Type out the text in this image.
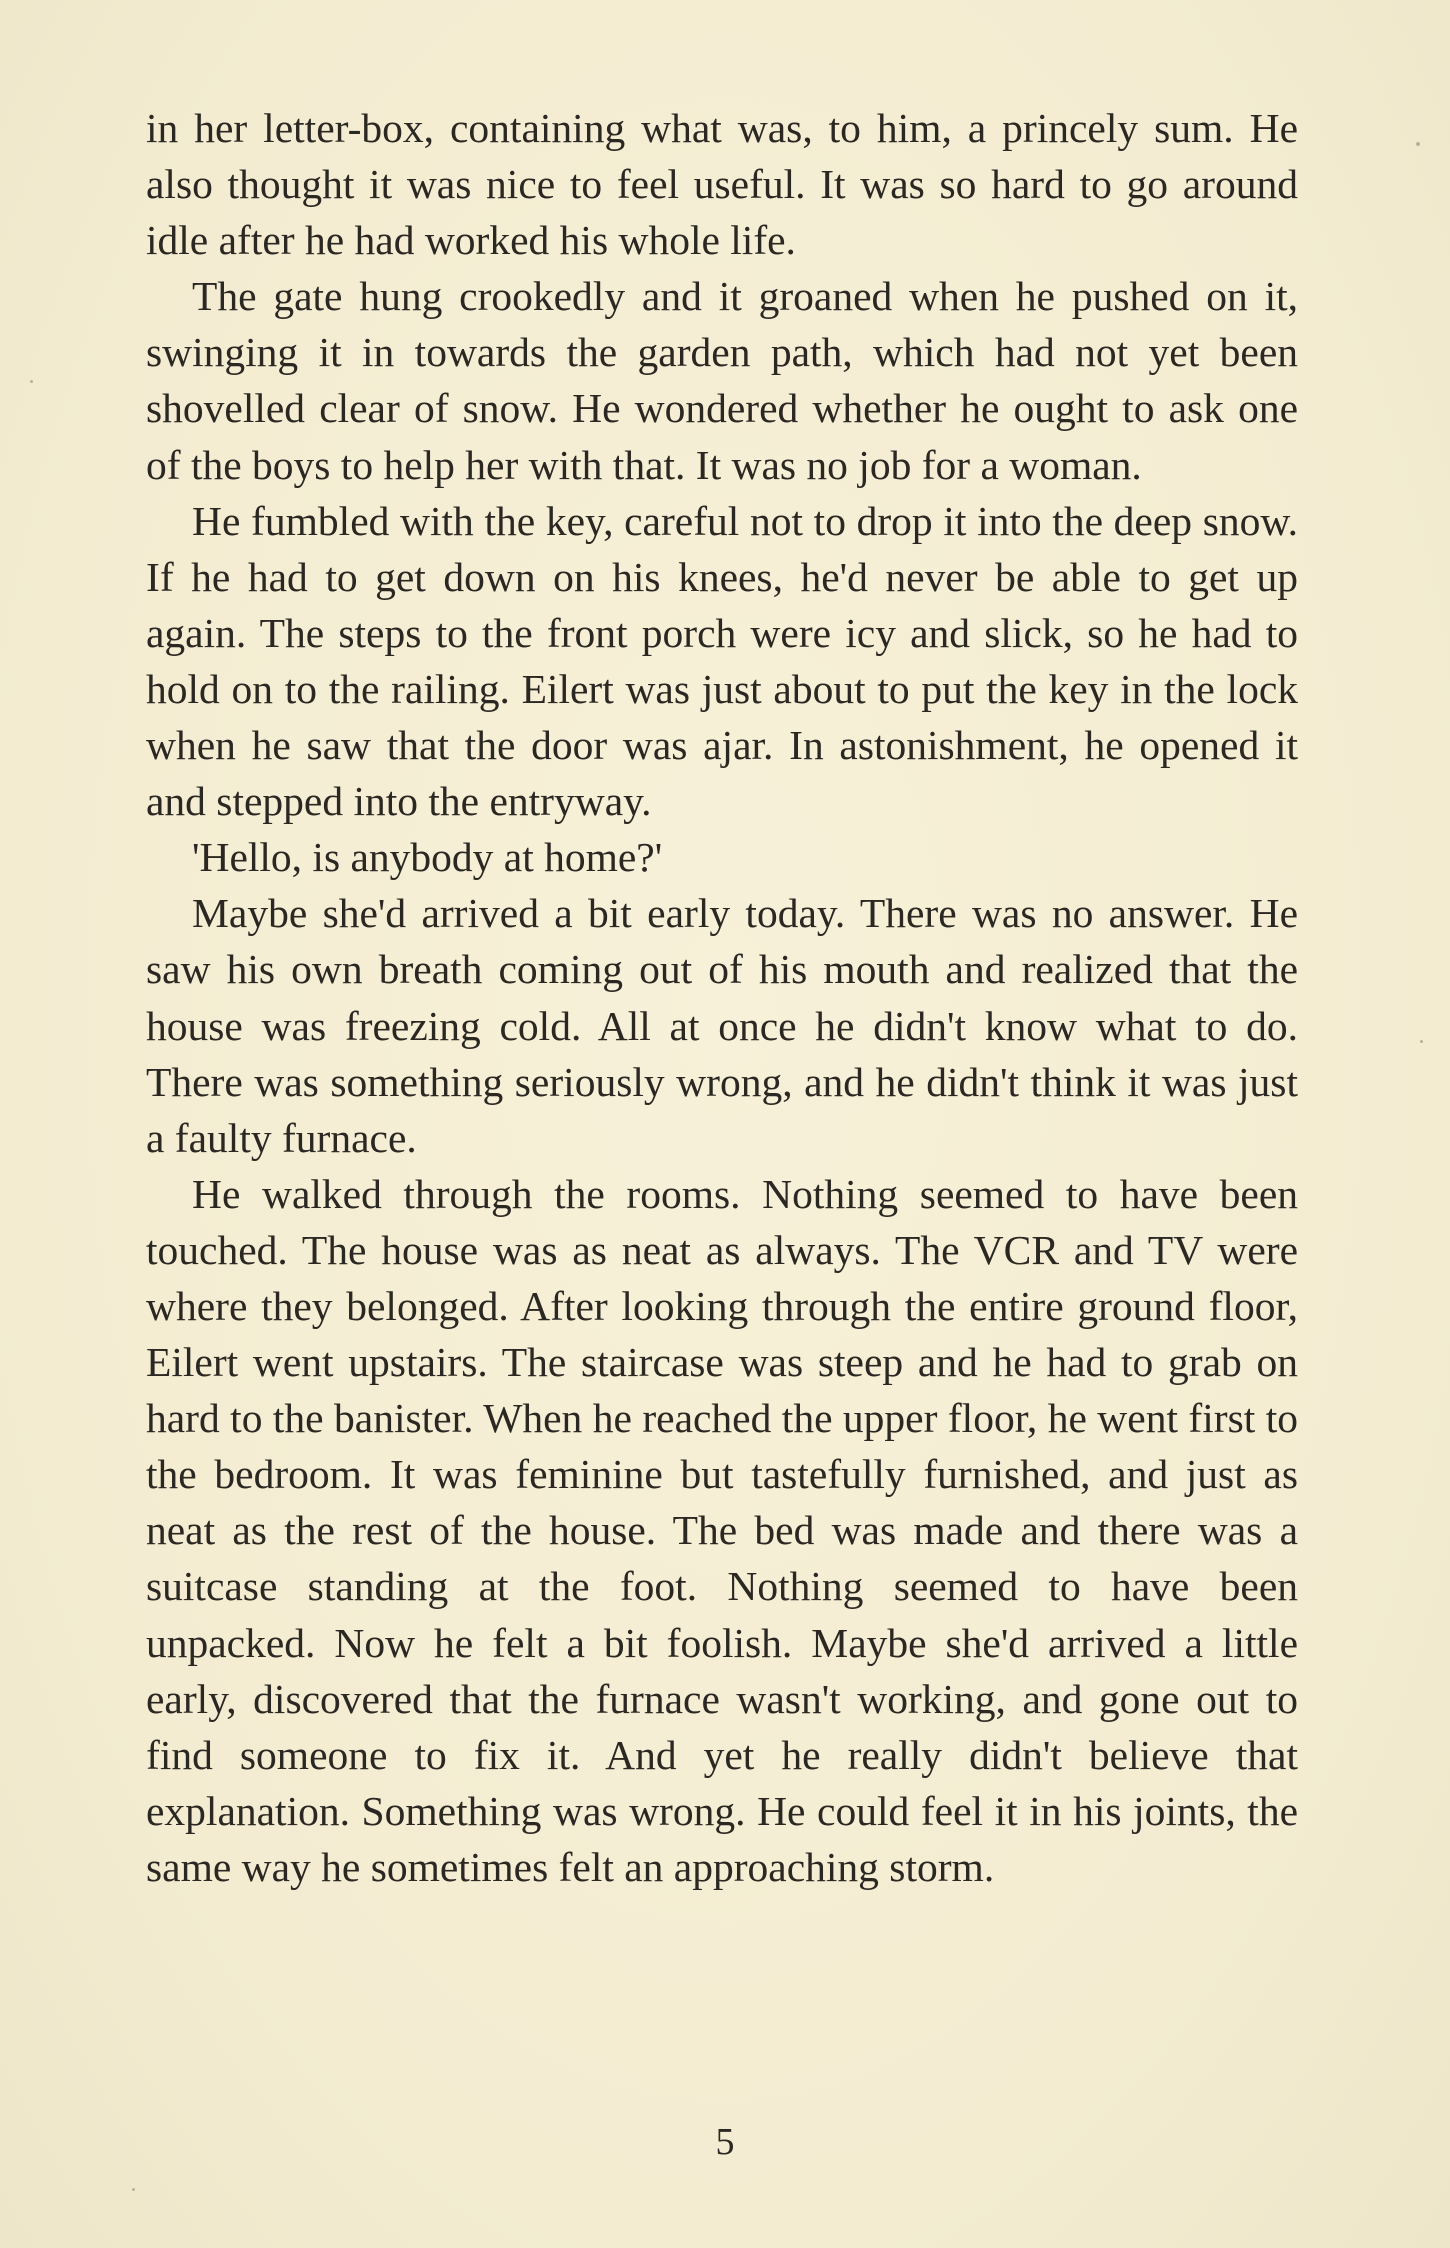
in her letter-box, containing what was, to him, a princely sum. He also thought it was nice to feel useful. It was so hard to go around idle after he had worked his whole life.

The gate hung crookedly and it groaned when he pushed on it, swinging it in towards the garden path, which had not yet been shovelled clear of snow. He wondered whether he ought to ask one of the boys to help her with that. It was no job for a woman.

He fumbled with the key, careful not to drop it into the deep snow. If he had to get down on his knees, he'd never be able to get up again. The steps to the front porch were icy and slick, so he had to hold on to the railing. Eilert was just about to put the key in the lock when he saw that the door was ajar. In astonishment, he opened it and stepped into the entryway.

'Hello, is anybody at home?'

Maybe she'd arrived a bit early today. There was no answer. He saw his own breath coming out of his mouth and realized that the house was freezing cold. All at once he didn't know what to do. There was something seriously wrong, and he didn't think it was just a faulty furnace.

He walked through the rooms. Nothing seemed to have been touched. The house was as neat as always. The VCR and TV were where they belonged. After looking through the entire ground floor, Eilert went upstairs. The staircase was steep and he had to grab on hard to the banister. When he reached the upper floor, he went first to the bedroom. It was feminine but tastefully furnished, and just as neat as the rest of the house. The bed was made and there was a suitcase standing at the foot. Nothing seemed to have been unpacked. Now he felt a bit foolish. Maybe she'd arrived a little early, discovered that the furnace wasn't working, and gone out to find someone to fix it. And yet he really didn't believe that explanation. Something was wrong. He could feel it in his joints, the same way he sometimes felt an approaching storm.

5
